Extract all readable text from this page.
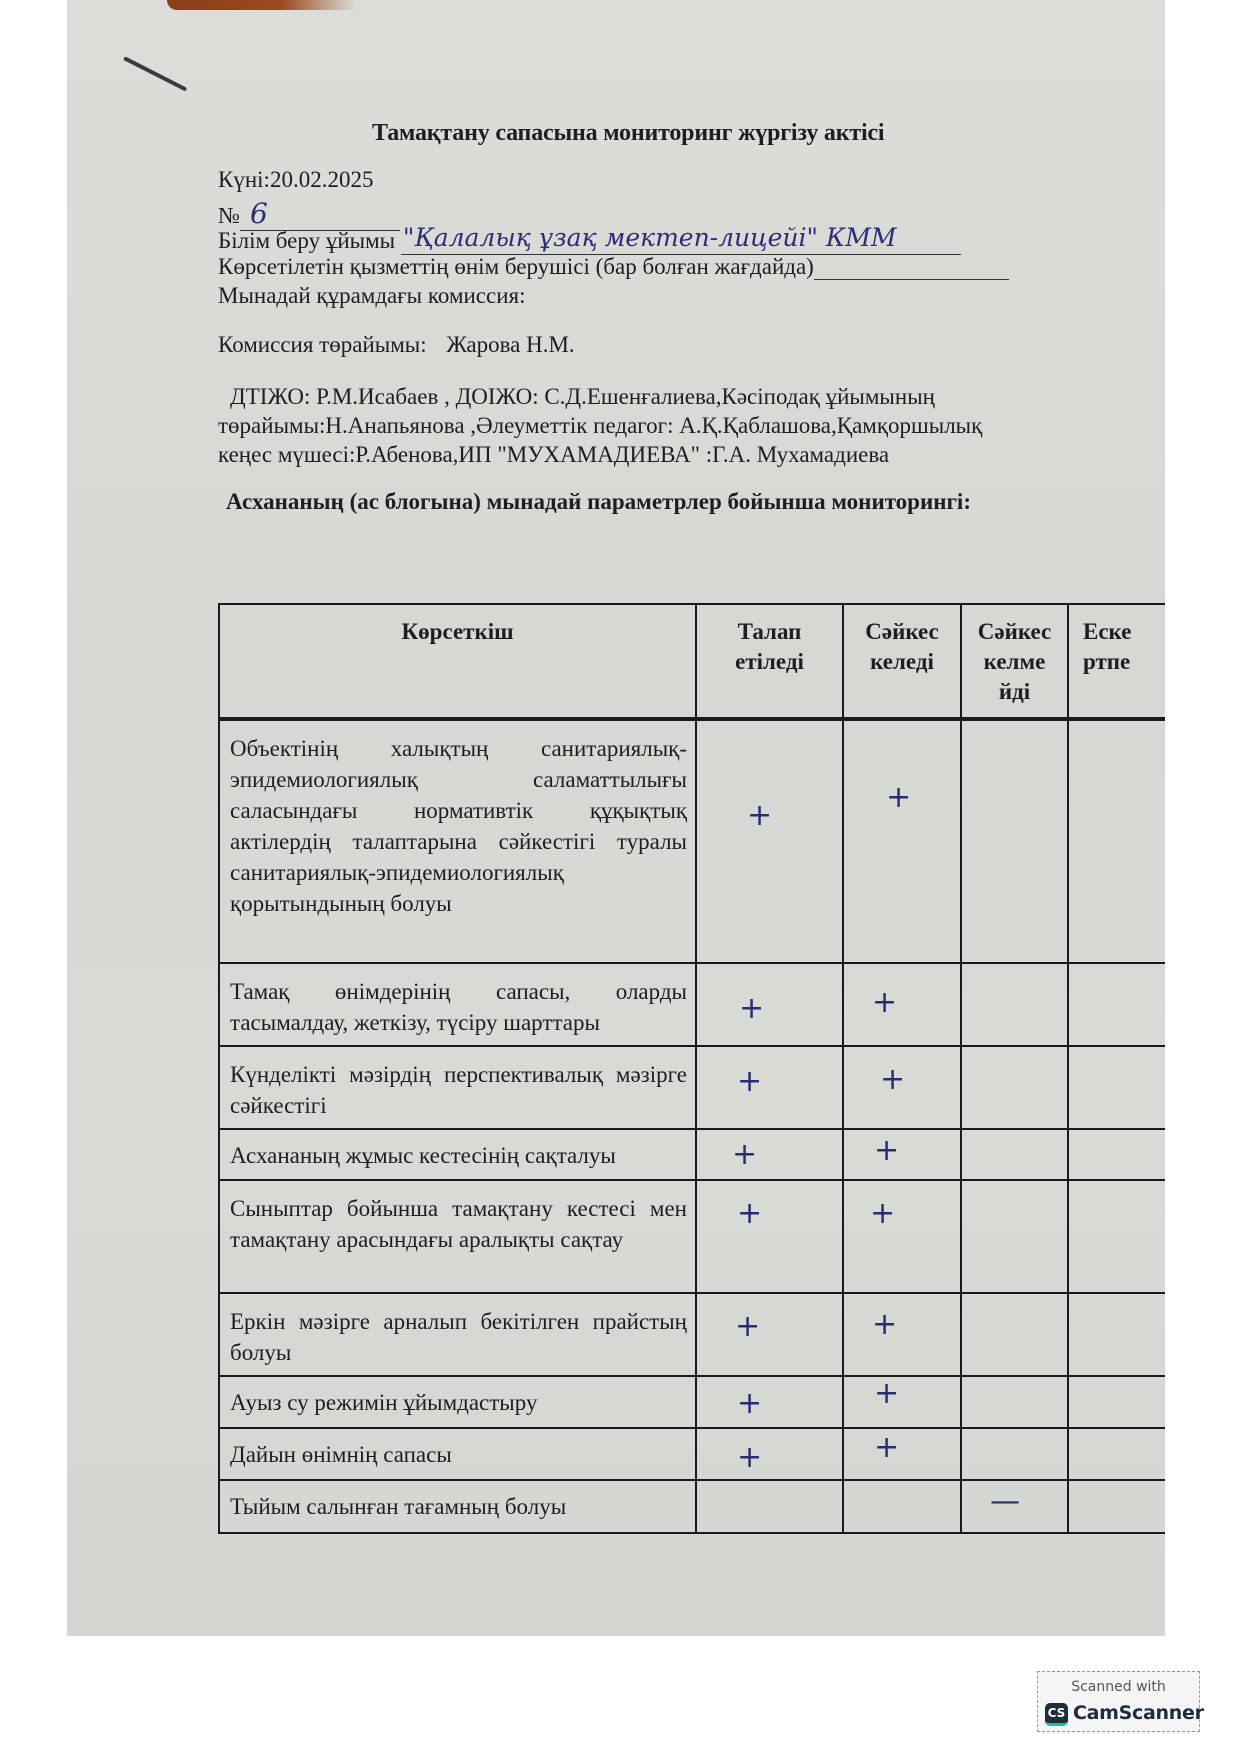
Тамақтану сапасына мониторинг жүргізу актісі
Күні:20.02.2025
№ 6
Білім беру ұйымы "Қалалық ұзақ мектеп-лицейі" КММ
Көрсетілетін қызметтің өнім берушісі (бар болған жағдайда)
Мынадай құрамдағы комиссия:
Комиссия төрайымы: Жарова Н.М.
ДТІЖО: Р.М.Исабаев , ДОІЖО: С.Д.Ешенғалиева,Кәсіподақ ұйымының
төрайымы:Н.Анапьянова ,Әлеуметтік педагог: А.Қ.Қаблашова,Қамқоршылық
кеңес мүшесі:Р.Абенова,ИП "МУХАМАДИЕВА" :Г.А. Мухамадиева
Асхананың (ас блогына) мынадай параметрлер бойынша мониторингі:
Көрсеткіш	Талап етіледі	Сәйкес келеді	Сәйкес келме йді	Еске ртпе
Объектінің халықтың санитариялық-эпидемиологиялық саламаттылығы саласындағы нормативтік құқықтық актілердің талаптарына сәйкестігі туралы санитариялық-эпидемиологиялық қорытындының болуы	+	+		

Тамақ өнімдерінің сапасы, оларды тасымалдау, жеткізу, түсіру шарттары	+	+		

Күнделікті мәзірдің перспективалық мәзірге сәйкестігі	+	+		

Асхананың жұмыс кестесінің сақталуы	+	+		

Сыныптар бойынша тамақтану кестесі мен тамақтану арасындағы аралықты сақтау	+	+		

Еркін мәзірге арналып бекітілген прайстың болуы	+	+		

Ауыз су режимін ұйымдастыру	+	+		

Дайын өнімнің сапасы	+	+		

Тыйым салынған тағамның болуы			—	

Scanned with
CS CamScanner
